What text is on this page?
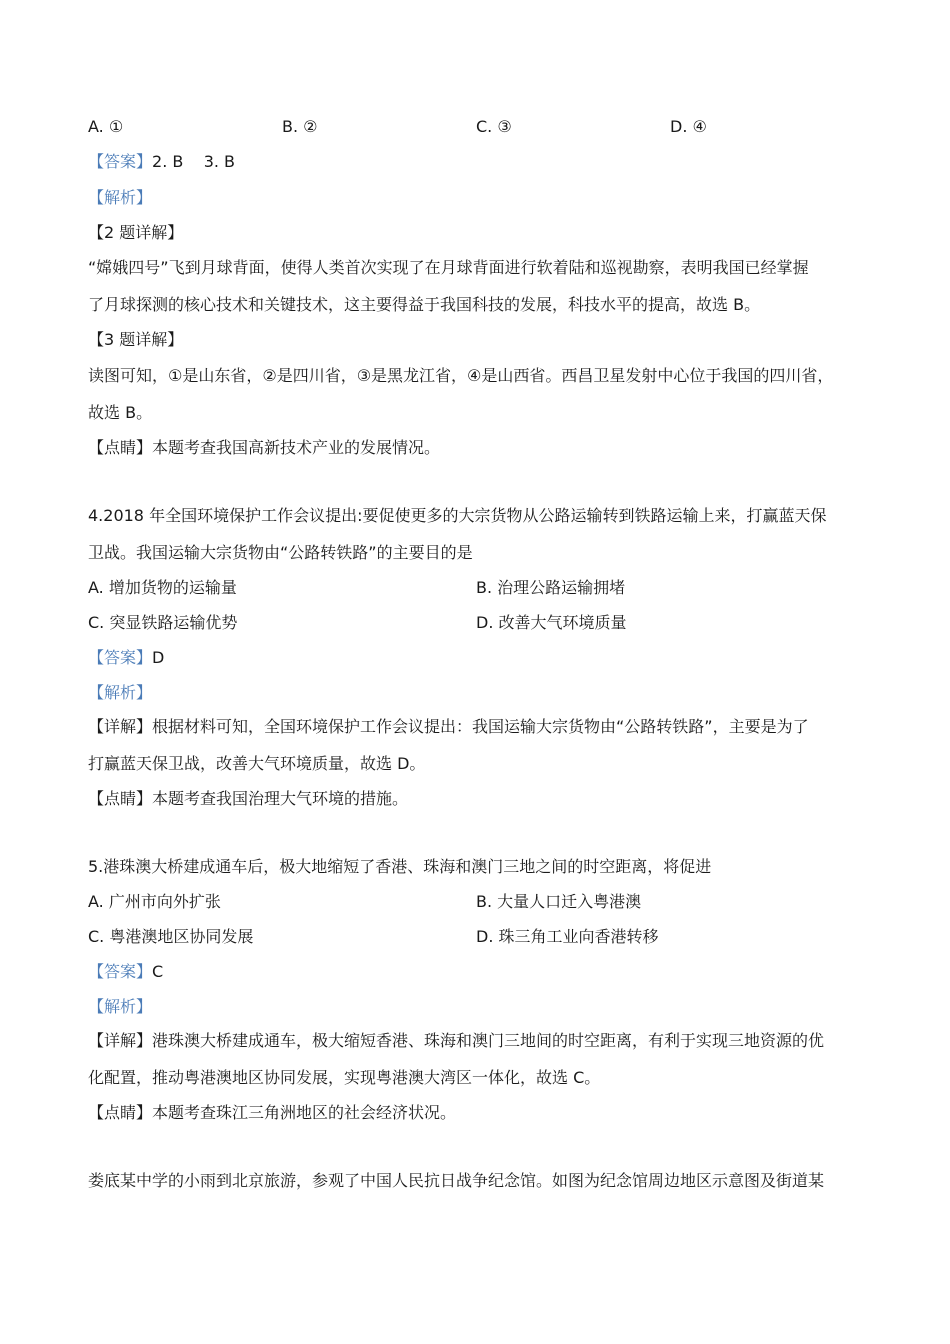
A. ①	B. ②	C. ③	D. ④
【答案】2. B    3. B
【解析】
【2 题详解】
“嫦娥四号”飞到月球背面，使得人类首次实现了在月球背面进行软着陆和巡视勘察，表明我国已经掌握
了月球探测的核心技术和关键技术，这主要得益于我国科技的发展，科技水平的提高，故选 B。
【3 题详解】
读图可知，①是山东省，②是四川省，③是黑龙江省，④是山西省。西昌卫星发射中心位于我国的四川省，
故选 B。
【点睛】本题考查我国高新技术产业的发展情况。
4.2018 年全国环境保护工作会议提出:要促使更多的大宗货物从公路运输转到铁路运输上来，打赢蓝天保
卫战。我国运输大宗货物由“公路转铁路”的主要目的是
A. 增加货物的运输量	B. 治理公路运输拥堵
C. 突显铁路运输优势	D. 改善大气环境质量
【答案】D
【解析】
【详解】根据材料可知，全国环境保护工作会议提出：我国运输大宗货物由“公路转铁路”，主要是为了
打赢蓝天保卫战，改善大气环境质量，故选 D。
【点睛】本题考查我国治理大气环境的措施。
5.港珠澳大桥建成通车后，极大地缩短了香港、珠海和澳门三地之间的时空距离，将促进
A. 广州市向外扩张	B. 大量人口迁入粤港澳
C. 粤港澳地区协同发展	D. 珠三角工业向香港转移
【答案】C
【解析】
【详解】港珠澳大桥建成通车，极大缩短香港、珠海和澳门三地间的时空距离，有利于实现三地资源的优
化配置，推动粤港澳地区协同发展，实现粤港澳大湾区一体化，故选 C。
【点睛】本题考查珠江三角洲地区的社会经济状况。
娄底某中学的小雨到北京旅游，参观了中国人民抗日战争纪念馆。如图为纪念馆周边地区示意图及街道某
